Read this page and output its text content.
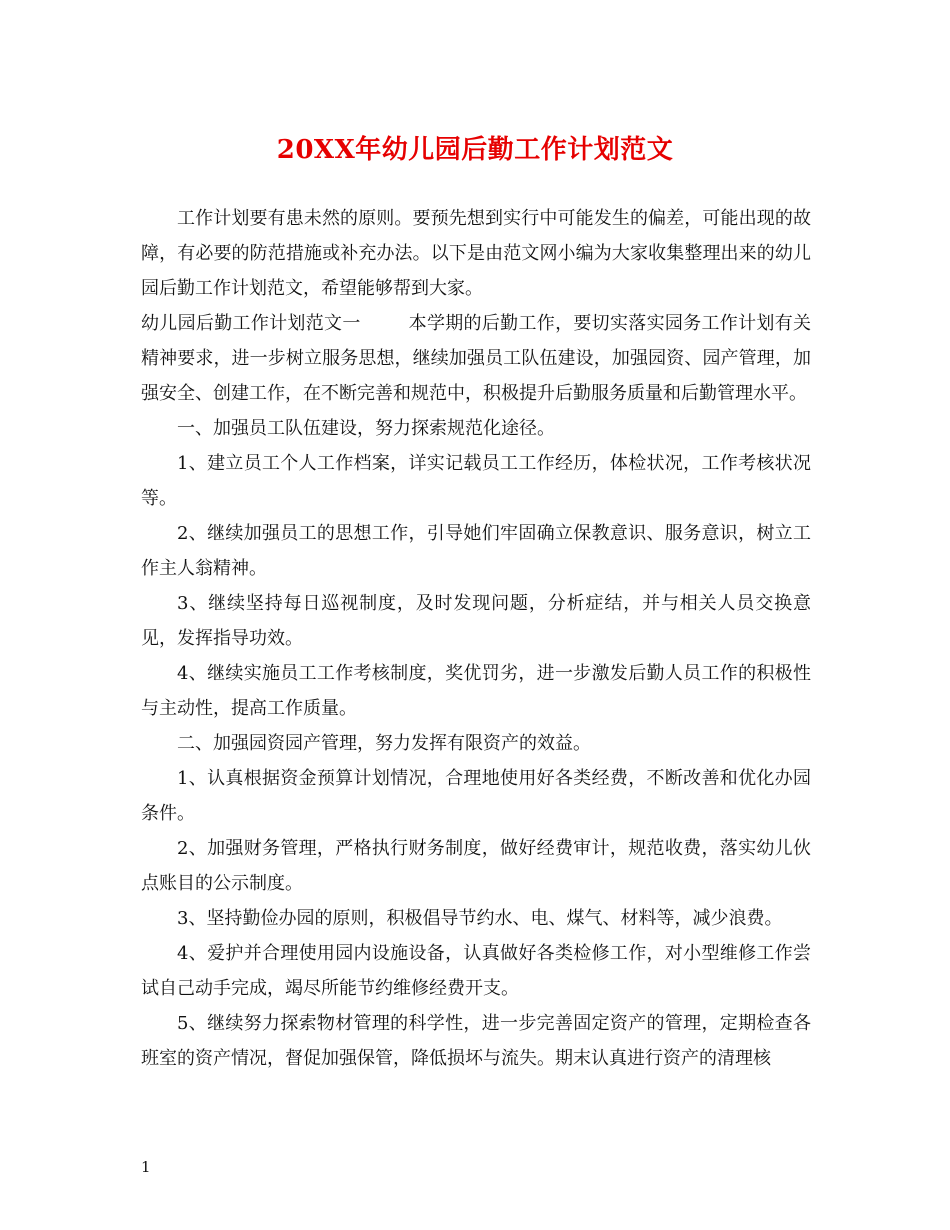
20XX年幼儿园后勤工作计划范文

工作计划要有患未然的原则。要预先想到实行中可能发生的偏差，可能出现的故障，有必要的防范措施或补充办法。以下是由范文网小编为大家收集整理出来的幼儿园后勤工作计划范文，希望能够帮到大家。

幼儿园后勤工作计划范文一	本学期的后勤工作，要切实落实园务工作计划有关精神要求，进一步树立服务思想，继续加强员工队伍建设，加强园资、园产管理，加强安全、创建工作，在不断完善和规范中，积极提升后勤服务质量和后勤管理水平。

一、加强员工队伍建设，努力探索规范化途径。

1、建立员工个人工作档案，详实记载员工工作经历，体检状况，工作考核状况等。

2、继续加强员工的思想工作，引导她们牢固确立保教意识、服务意识，树立工作主人翁精神。

3、继续坚持每日巡视制度，及时发现问题，分析症结，并与相关人员交换意见，发挥指导功效。

4、继续实施员工工作考核制度，奖优罚劣，进一步激发后勤人员工作的积极性与主动性，提高工作质量。

二、加强园资园产管理，努力发挥有限资产的效益。

1、认真根据资金预算计划情况，合理地使用好各类经费，不断改善和优化办园条件。

2、加强财务管理，严格执行财务制度，做好经费审计，规范收费，落实幼儿伙点账目的公示制度。

3、坚持勤俭办园的原则，积极倡导节约水、电、煤气、材料等，减少浪费。

4、爱护并合理使用园内设施设备，认真做好各类检修工作，对小型维修工作尝试自己动手完成，竭尽所能节约维修经费开支。

5、继续努力探索物材管理的科学性，进一步完善固定资产的管理，定期检查各班室的资产情况，督促加强保管，降低损坏与流失。期末认真进行资产的清理核

1
